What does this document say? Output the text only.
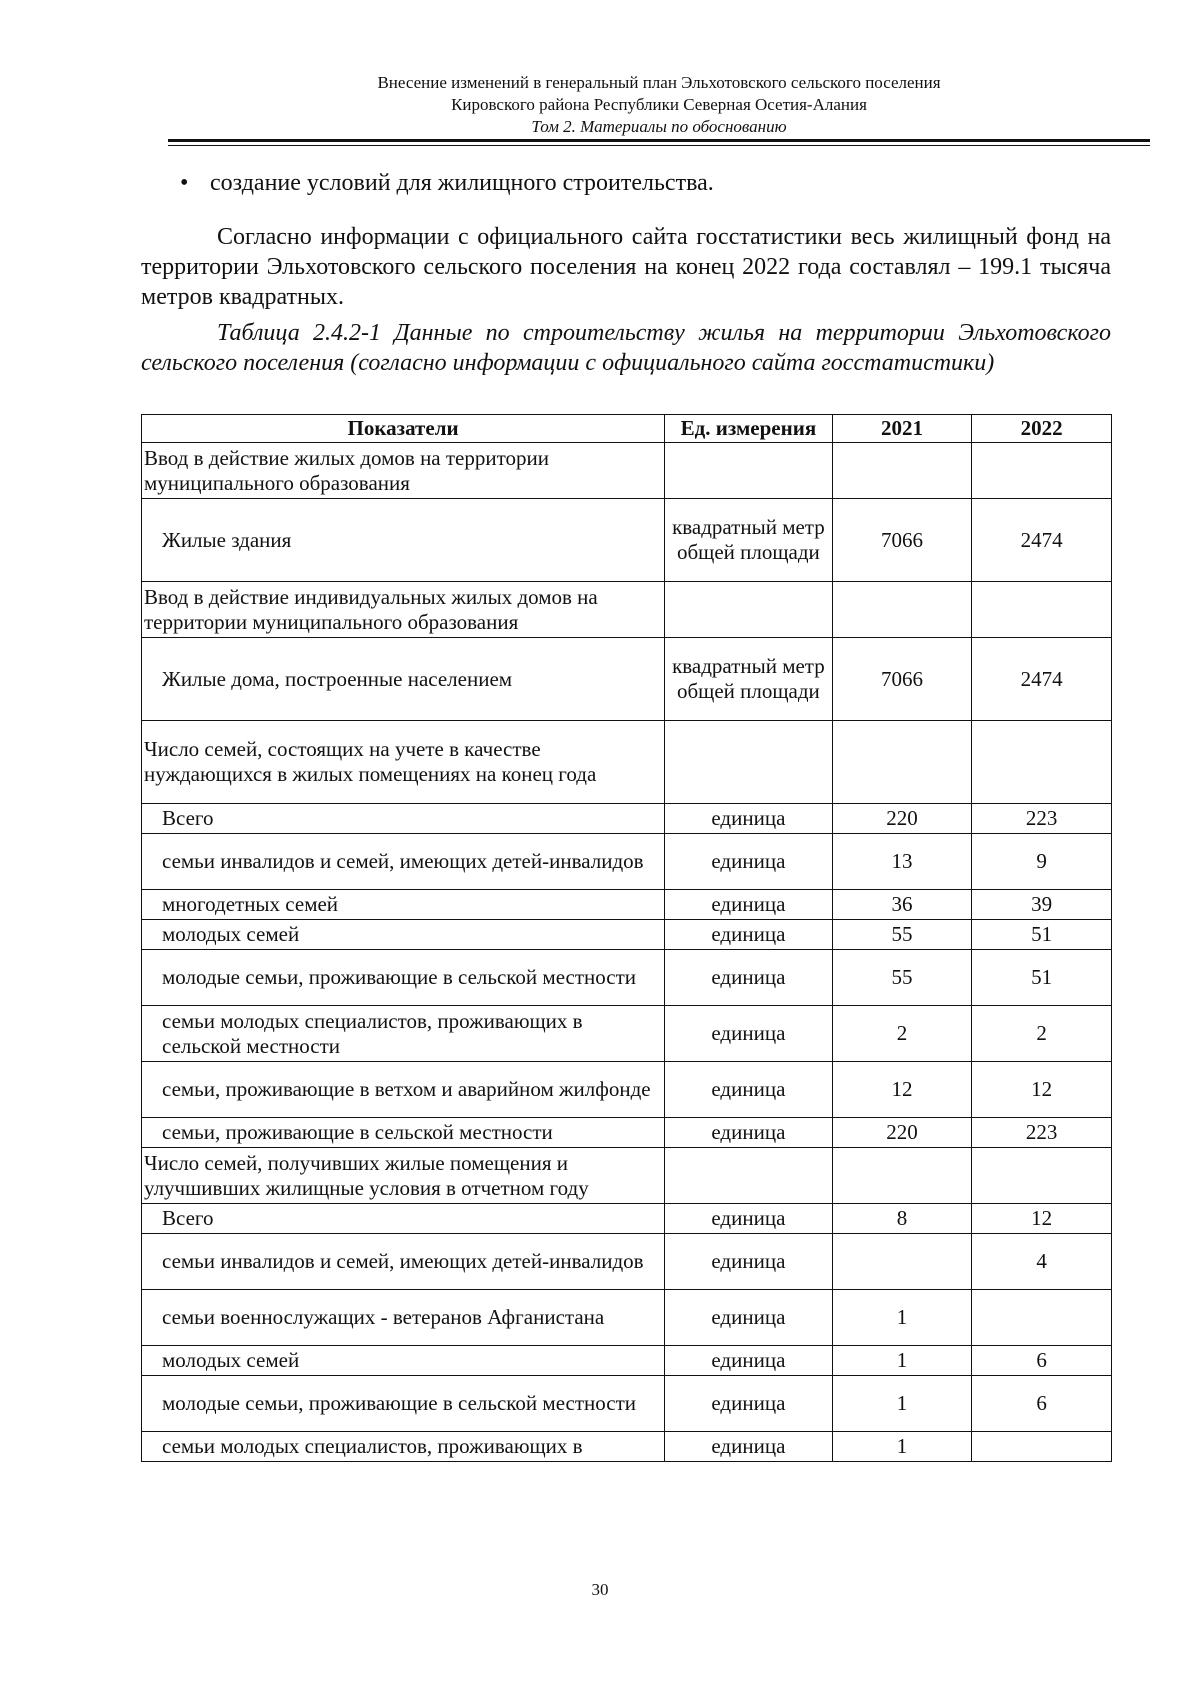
Внесение изменений в генеральный план Эльхотовского сельского поселения
Кировского района Республики Северная Осетия-Алания
Том 2. Материалы по обоснованию
• создание условий для жилищного строительства.
Согласно информации с официального сайта госстатистики весь жилищный фонд на территории Эльхотовского сельского поселения на конец 2022 года составлял – 199.1 тысяча метров квадратных.
Таблица 2.4.2-1 Данные по строительству жилья на территории Эльхотовского сельского поселения (согласно информации с официального сайта госстатистики)
Показатели	Ед. измерения	2021	2022
Ввод в действие жилых домов на территории муниципального образования			
Жилые здания	квадратный метр общей площади	7066	2474
Ввод в действие индивидуальных жилых домов на территории муниципального образования			
Жилые дома, построенные населением	квадратный метр общей площади	7066	2474
Число семей, состоящих на учете в качестве нуждающихся в жилых помещениях на конец года			
Всего	единица	220	223
семьи инвалидов и семей, имеющих детей-инвалидов	единица	13	9
многодетных семей	единица	36	39
молодых семей	единица	55	51
молодые семьи, проживающие в сельской местности	единица	55	51
семьи молодых специалистов, проживающих в сельской местности	единица	2	2
семьи, проживающие в ветхом и аварийном жилфонде	единица	12	12
семьи, проживающие в сельской местности	единица	220	223
Число семей, получивших жилые помещения и улучшивших жилищные условия в отчетном году			
Всего	единица	8	12
семьи инвалидов и семей, имеющих детей-инвалидов	единица		4
семьи военнослужащих - ветеранов Афганистана	единица	1	
молодых семей	единица	1	6
молодые семьи, проживающие в сельской местности	единица	1	6
семьи молодых специалистов, проживающих в	единица	1	
30
